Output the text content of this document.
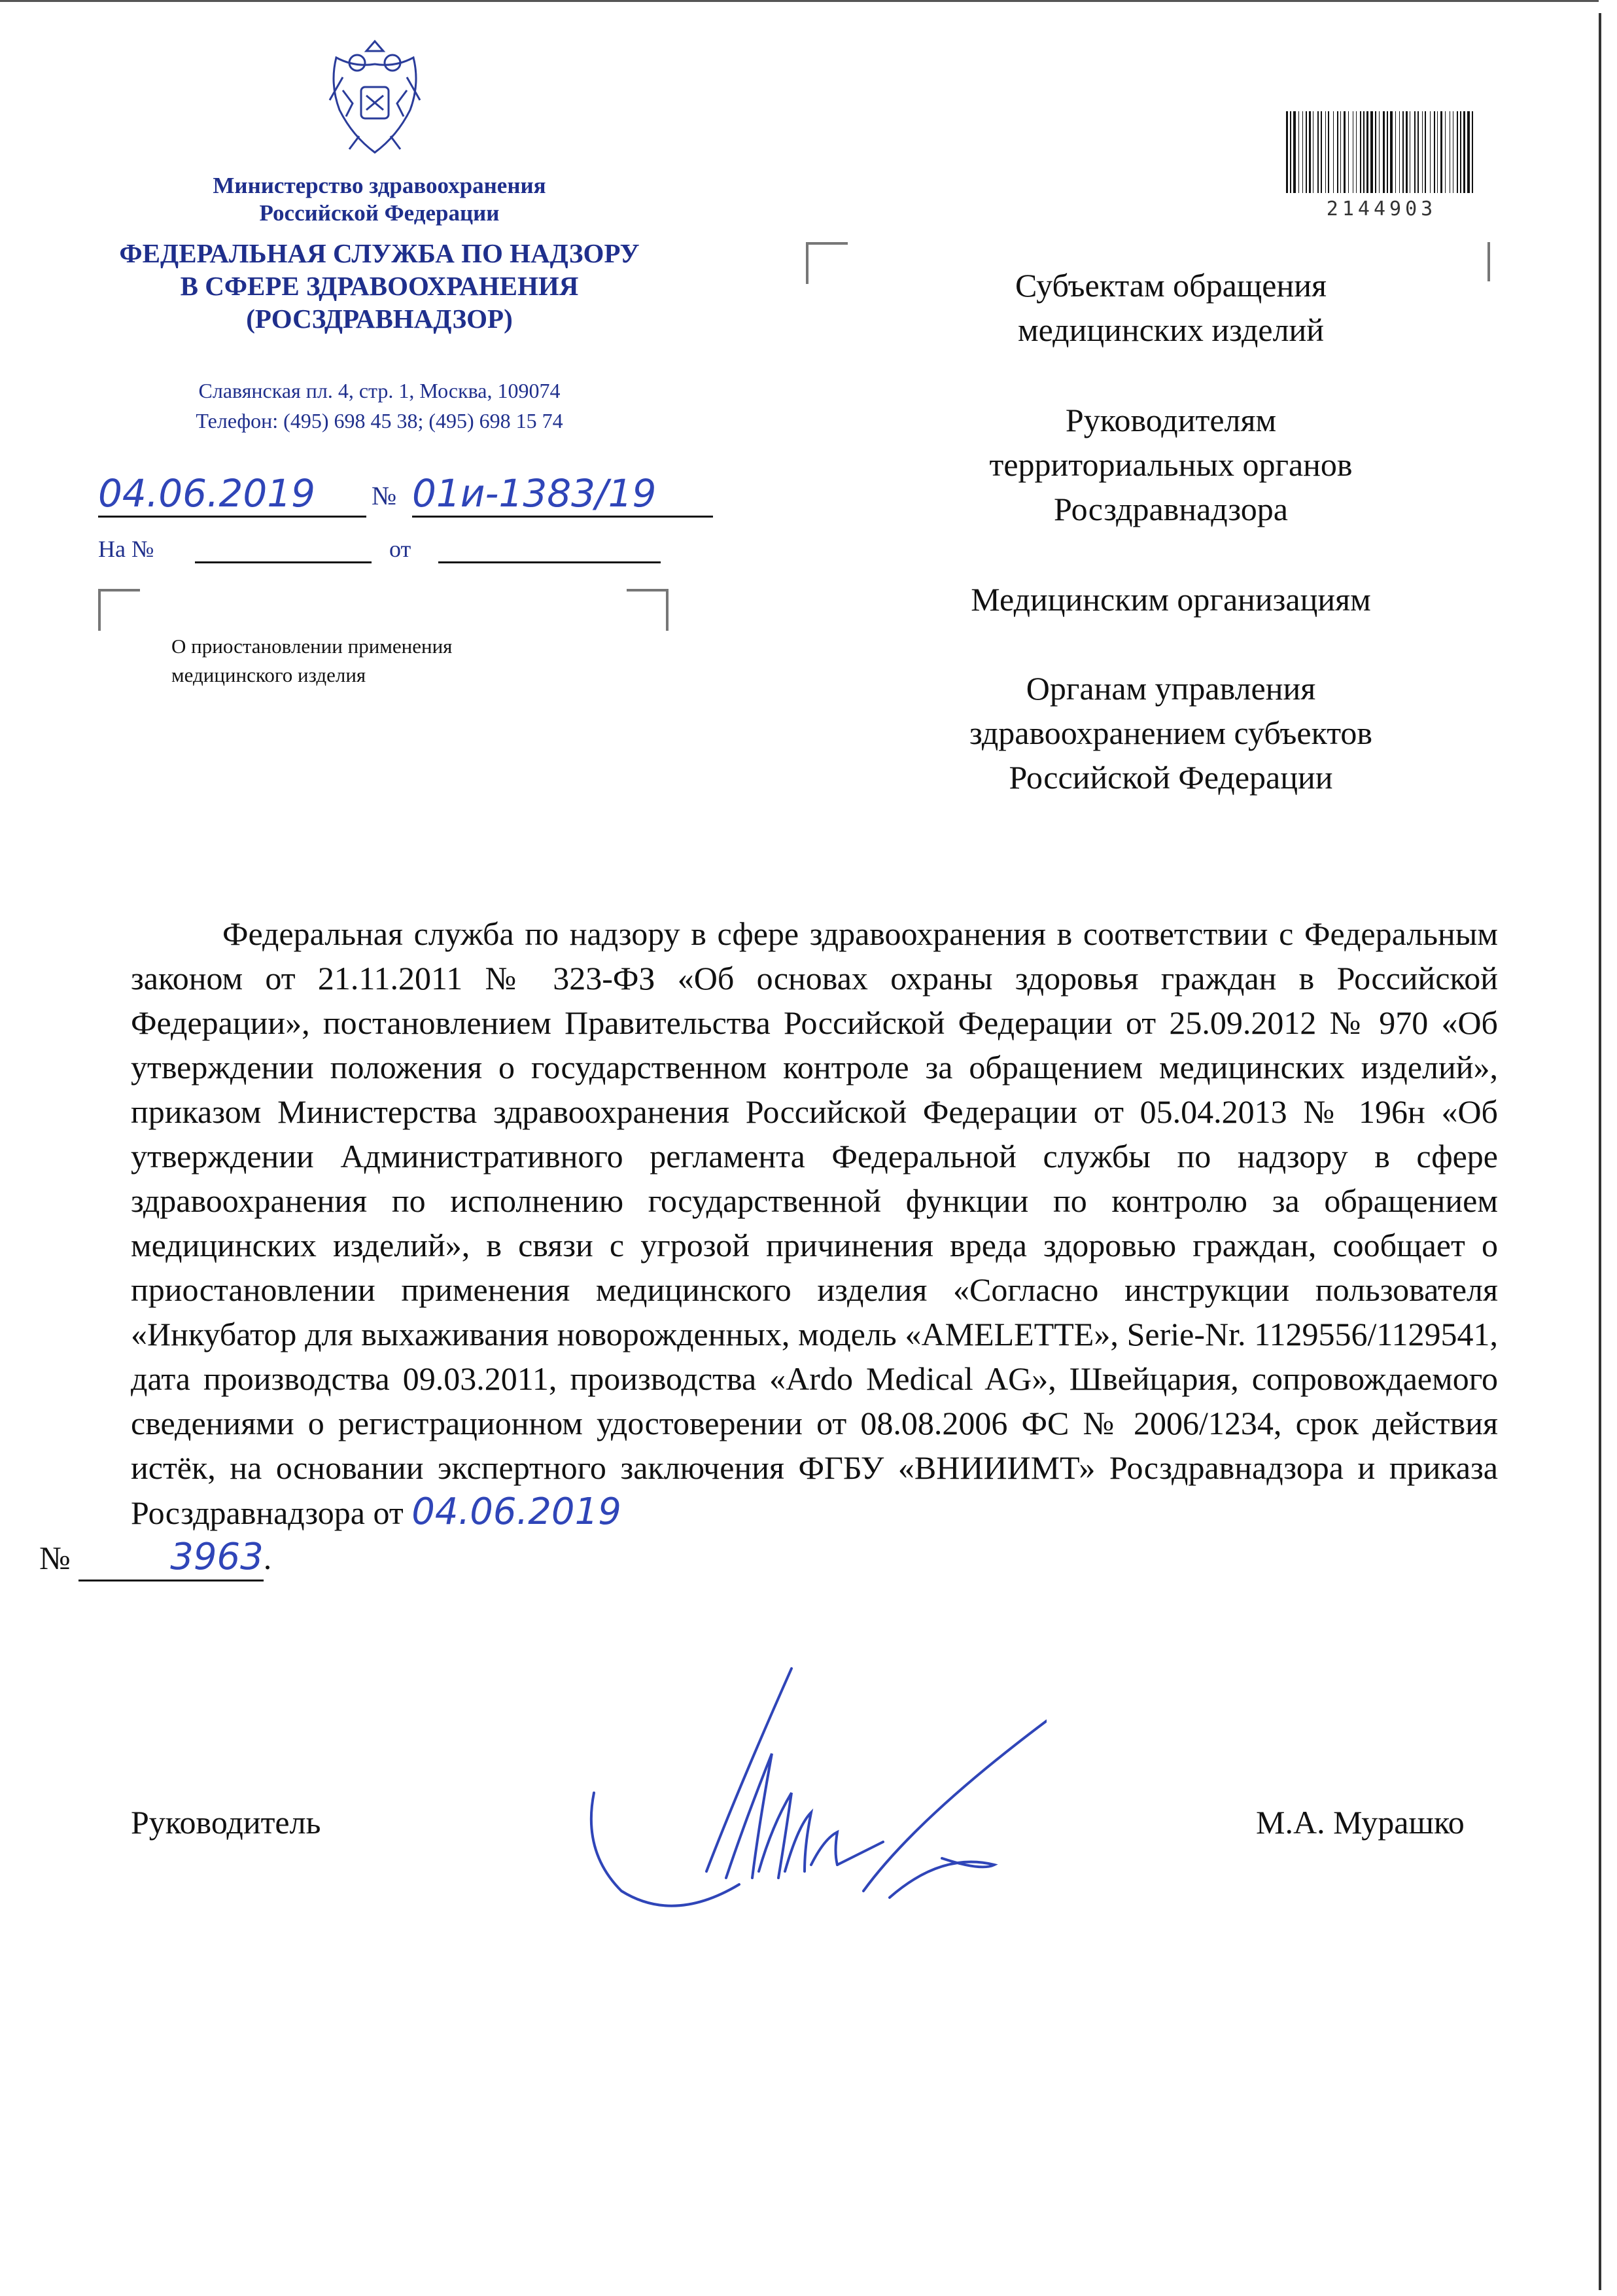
Министерство здравоохранения
Российской Федерации
ФЕДЕРАЛЬНАЯ СЛУЖБА ПО НАДЗОРУ
В СФЕРЕ ЗДРАВООХРАНЕНИЯ
(РОСЗДРАВНАДЗОР)
Славянская пл. 4, стр. 1, Москва, 109074
Телефон: (495) 698 45 38; (495) 698 15 74
04.06.2019	№ 01и-1383/19
На №	от
О приостановлении применения
медицинского изделия
2144903
Субъектам обращения
медицинских изделий
Руководителям
территориальных органов
Росздравнадзора
Медицинским организациям
Органам управления
здравоохранением субъектов
Российской Федерации
Федеральная служба по надзору в сфере здравоохранения в соответствии с Федеральным законом от 21.11.2011 № 323-ФЗ «Об основах охраны здоровья граждан в Российской Федерации», постановлением Правительства Российской Федерации от 25.09.2012 № 970 «Об утверждении положения о государственном контроле за обращением медицинских изделий», приказом Министерства здравоохранения Российской Федерации от 05.04.2013 № 196н «Об утверждении Административного регламента Федеральной службы по надзору в сфере здравоохранения по исполнению государственной функции по контролю за обращением медицинских изделий», в связи с угрозой причинения вреда здоровью граждан, сообщает о приостановлении применения медицинского изделия «Согласно инструкции пользователя «Инкубатор для выхаживания новорожденных, модель «AMELETTE», Serie-Nr. 1129556/1129541, дата производства 09.03.2011, производства «Ardo Medical AG», Швейцария, сопровождаемого сведениями о регистрационном удостоверении от 08.08.2006 ФС № 2006/1234, срок действия истёк, на основании экспертного заключения ФГБУ «ВНИИИМТ» Росздравнадзора и приказа Росздравнадзора от 04.06.2019
№	3963.
Руководитель	М.А. Мурашко
